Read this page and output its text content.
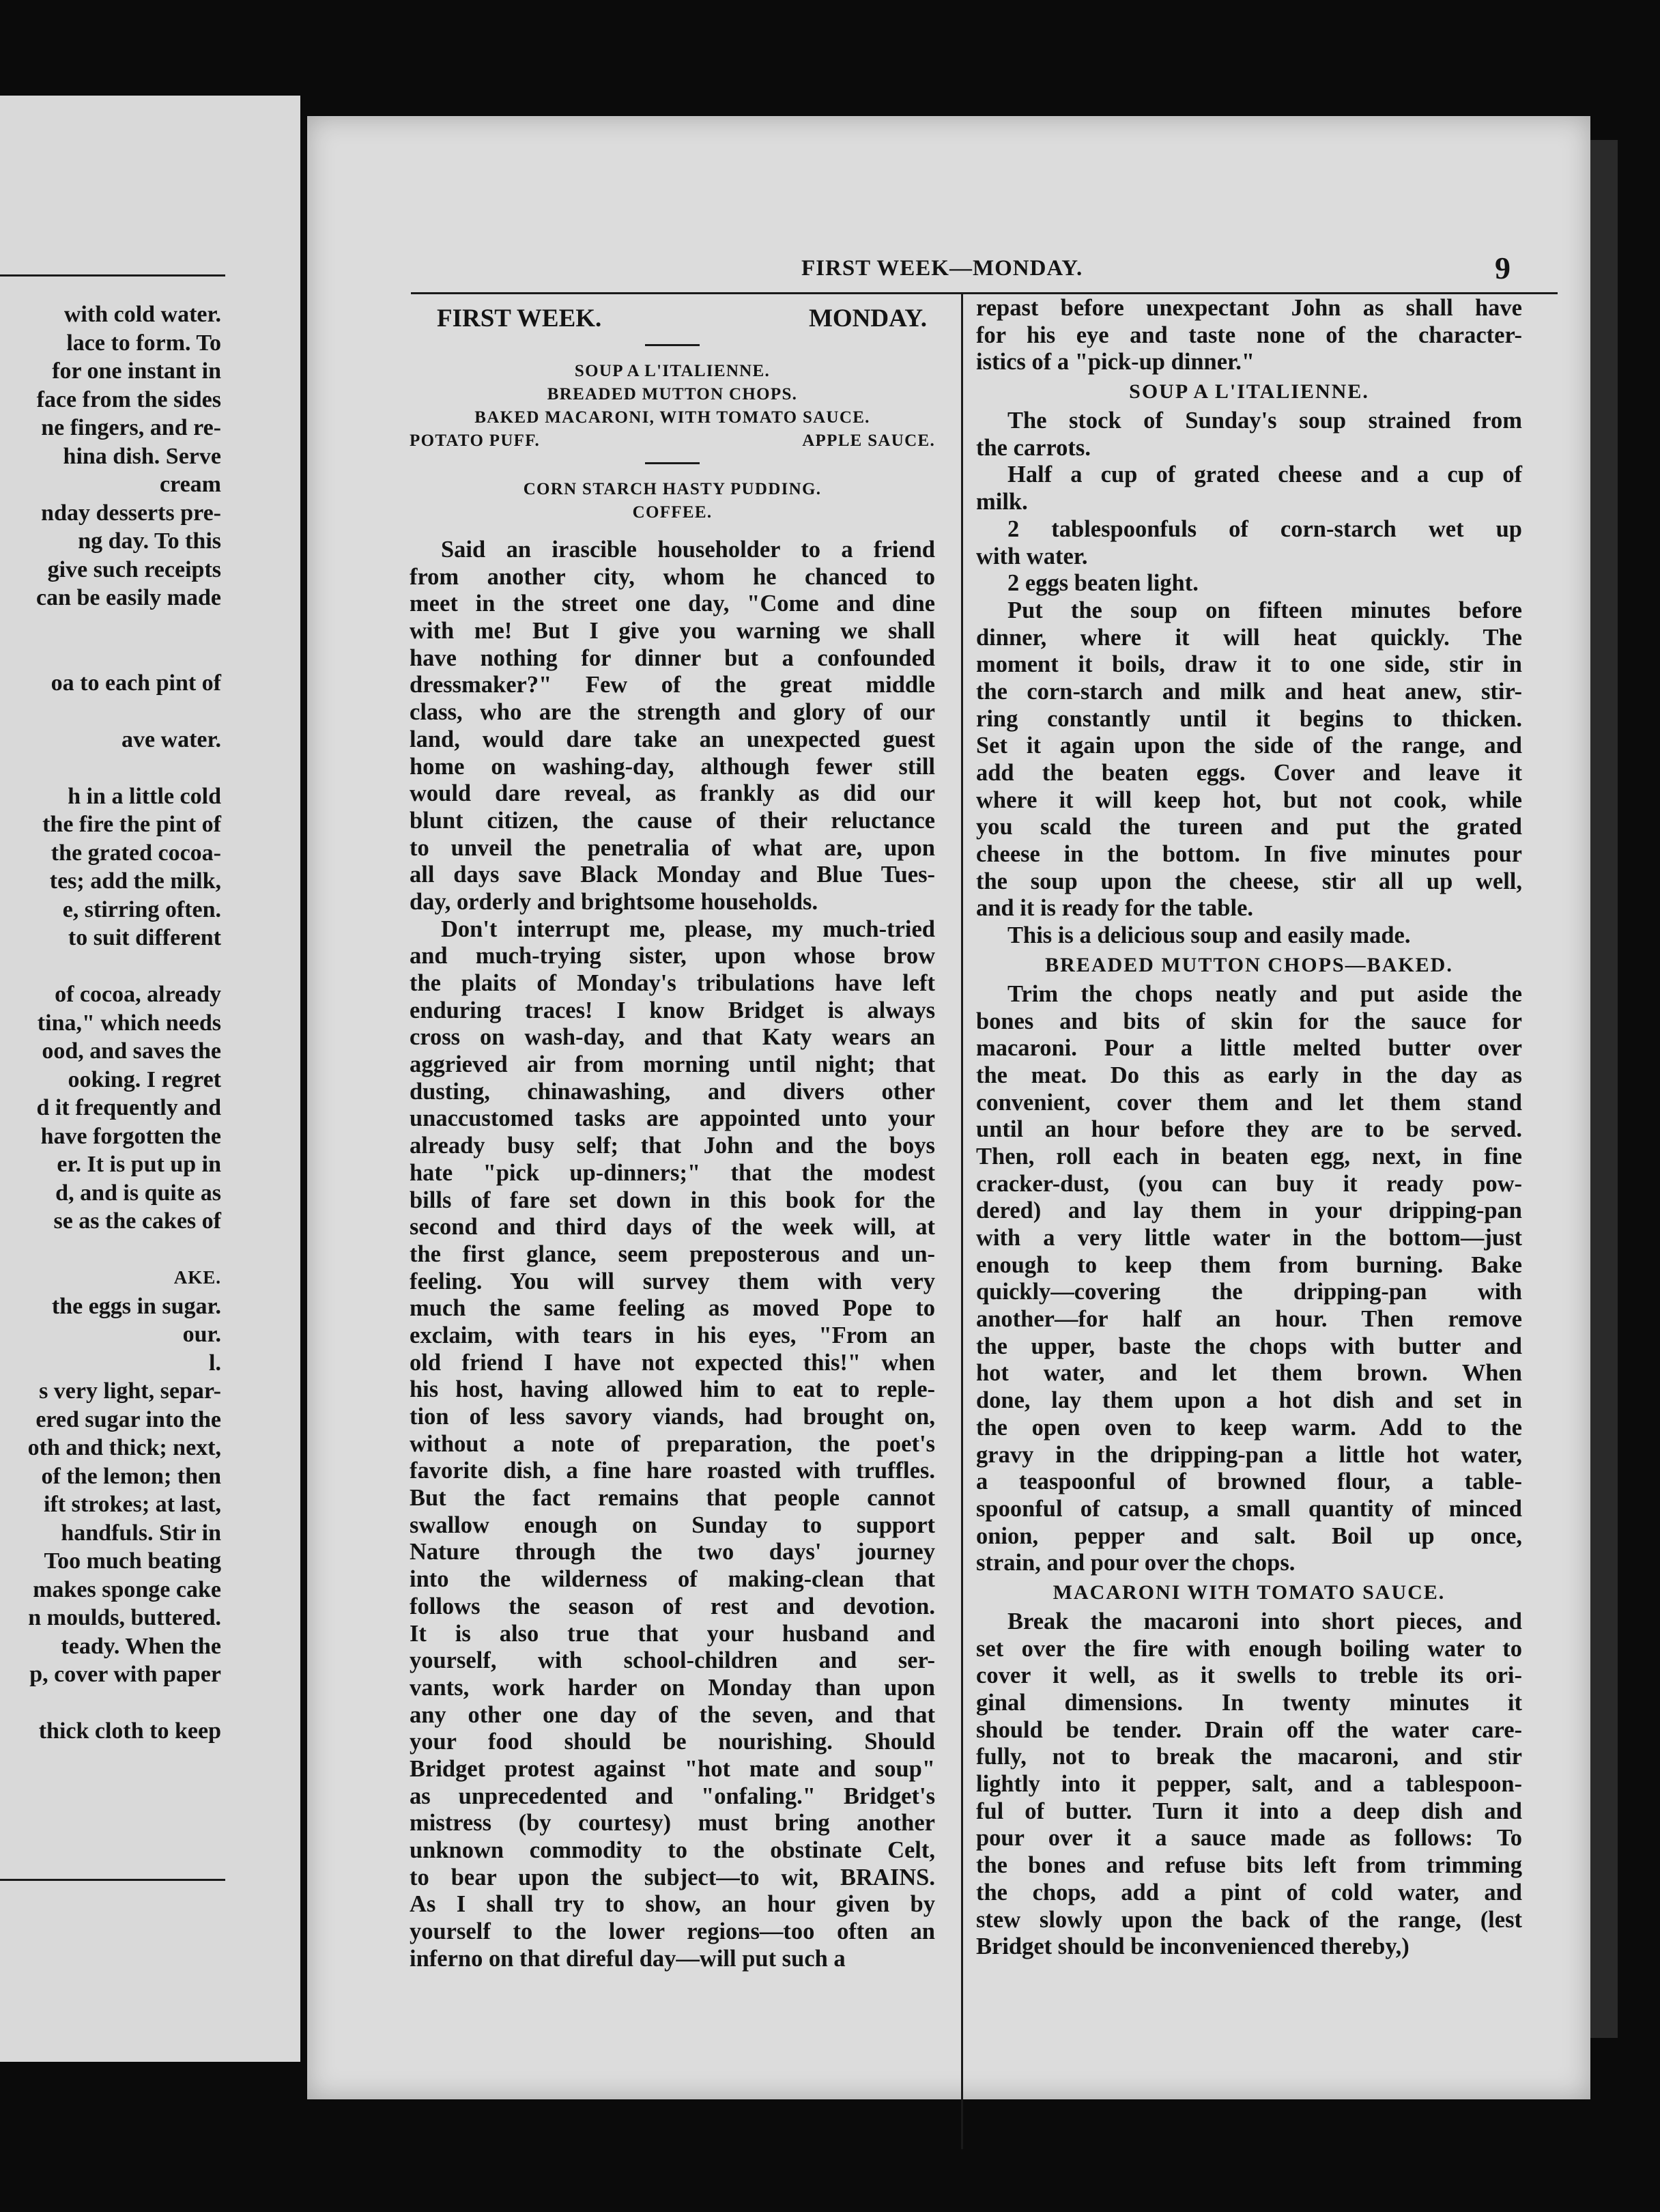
with cold water.
lace to form. To
for one instant in
face from the sides
ne fingers, and re-
hina dish. Serve
cream
nday desserts pre-
ng day. To this
give such receipts
can be easily made
oa to each pint of
ave water.
h in a little cold
the fire the pint of
the grated cocoa-
tes; add the milk,
e, stirring often.
to suit different
of cocoa, already
tina," which needs
ood, and saves the
ooking. I regret
d it frequently and
have forgotten the
er. It is put up in
d, and is quite as
se as the cakes of
AKE.
the eggs in sugar.
our.
l.
s very light, separ-
ered sugar into the
oth and thick; next,
of the lemon; then
ift strokes; at last,
handfuls. Stir in
Too much beating
makes sponge cake
n moulds, buttered.
teady. When the
p, cover with paper
thick cloth to keep
FIRST WEEK—MONDAY.	9
FIRST WEEK.	MONDAY.
SOUP A L'ITALIENNE.
BREADED MUTTON CHOPS.
BAKED MACARONI, WITH TOMATO SAUCE.
POTATO PUFF.	APPLE SAUCE.
CORN STARCH HASTY PUDDING.
COFFEE.

Said an irascible householder to a friend

from another city, whom he chanced to

meet in the street one day, "Come and dine

with me! But I give you warning we shall

have nothing for dinner but a confounded

dressmaker?" Few of the great middle

class, who are the strength and glory of our

land, would dare take an unexpected guest

home on washing-day, although fewer still

would dare reveal, as frankly as did our

blunt citizen, the cause of their reluctance

to unveil the penetralia of what are, upon

all days save Black Monday and Blue Tues-

day, orderly and brightsome households.

Don't interrupt me, please, my much-tried

and much-trying sister, upon whose brow

the plaits of Monday's tribulations have left

enduring traces! I know Bridget is always

cross on wash-day, and that Katy wears an

aggrieved air from morning until night; that

dusting, chinawashing, and divers other

unaccustomed tasks are appointed unto your

already busy self; that John and the boys

hate "pick up-dinners;" that the modest

bills of fare set down in this book for the

second and third days of the week will, at

the first glance, seem preposterous and un-

feeling. You will survey them with very

much the same feeling as moved Pope to

exclaim, with tears in his eyes, "From an

old friend I have not expected this!" when

his host, having allowed him to eat to reple-

tion of less savory viands, had brought on,

without a note of preparation, the poet's

favorite dish, a fine hare roasted with truffles.

But the fact remains that people cannot

swallow enough on Sunday to support

Nature through the two days' journey

into the wilderness of making-clean that

follows the season of rest and devotion.

It is also true that your husband and

yourself, with school-children and ser-

vants, work harder on Monday than upon

any other one day of the seven, and that

your food should be nourishing. Should

Bridget protest against "hot mate and soup"

as unprecedented and "onfaling." Bridget's

mistress (by courtesy) must bring another

unknown commodity to the obstinate Celt,

to bear upon the subject—to wit, BRAINS.

As I shall try to show, an hour given by

yourself to the lower regions—too often an

inferno on that direful day—will put such a

repast before unexpectant John as shall have

for his eye and taste none of the character-

istics of a "pick-up dinner."

SOUP A L'ITALIENNE.

The stock of Sunday's soup strained from

the carrots.

Half a cup of grated cheese and a cup of

milk.

2 tablespoonfuls of corn-starch wet up

with water.

2 eggs beaten light.

Put the soup on fifteen minutes before

dinner, where it will heat quickly. The

moment it boils, draw it to one side, stir in

the corn-starch and milk and heat anew, stir-

ring constantly until it begins to thicken.

Set it again upon the side of the range, and

add the beaten eggs. Cover and leave it

where it will keep hot, but not cook, while

you scald the tureen and put the grated

cheese in the bottom. In five minutes pour

the soup upon the cheese, stir all up well,

and it is ready for the table.

This is a delicious soup and easily made.

BREADED MUTTON CHOPS—BAKED.

Trim the chops neatly and put aside the

bones and bits of skin for the sauce for

macaroni. Pour a little melted butter over

the meat. Do this as early in the day as

convenient, cover them and let them stand

until an hour before they are to be served.

Then, roll each in beaten egg, next, in fine

cracker-dust, (you can buy it ready pow-

dered) and lay them in your dripping-pan

with a very little water in the bottom—just

enough to keep them from burning. Bake

quickly—covering the dripping-pan with

another—for half an hour. Then remove

the upper, baste the chops with butter and

hot water, and let them brown. When

done, lay them upon a hot dish and set in

the open oven to keep warm. Add to the

gravy in the dripping-pan a little hot water,

a teaspoonful of browned flour, a table-

spoonful of catsup, a small quantity of minced

onion, pepper and salt. Boil up once,

strain, and pour over the chops.

MACARONI WITH TOMATO SAUCE.

Break the macaroni into short pieces, and

set over the fire with enough boiling water to

cover it well, as it swells to treble its ori-

ginal dimensions. In twenty minutes it

should be tender. Drain off the water care-

fully, not to break the macaroni, and stir

lightly into it pepper, salt, and a tablespoon-

ful of butter. Turn it into a deep dish and

pour over it a sauce made as follows: To

the bones and refuse bits left from trimming

the chops, add a pint of cold water, and

stew slowly upon the back of the range, (lest

Bridget should be inconvenienced thereby,)
